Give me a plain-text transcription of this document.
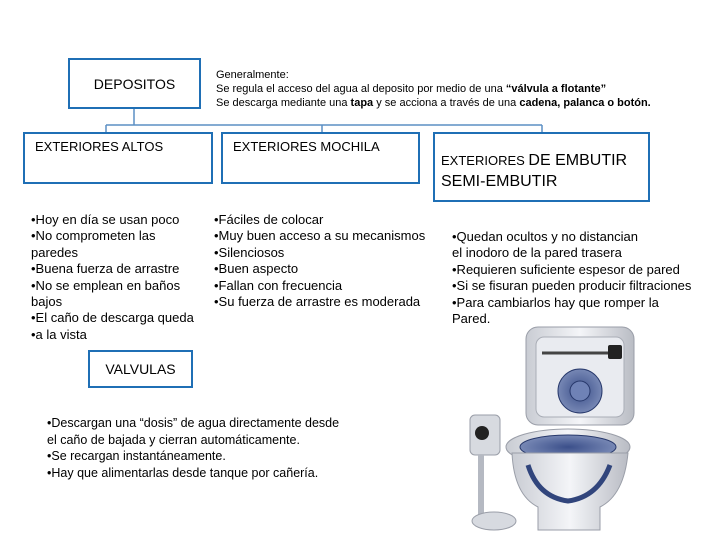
DEPOSITOS
Generalmente:
Se regula el acceso del agua al deposito por medio de una “válvula a flotante”
Se descarga mediante una tapa y se acciona a través de una cadena, palanca o botón.
EXTERIORES ALTOS	EXTERIORES MOCHILA
EXTERIORES DE EMBUTIR
SEMI-EMBUTIR
•Hoy en día se usan poco
•No comprometen las
paredes
•Buena fuerza de arrastre
•No se emplean en baños
bajos
•El caño de descarga queda
•a la vista
•Fáciles de colocar
•Muy buen acceso a su mecanismos
•Silenciosos
•Buen aspecto
•Fallan con frecuencia
•Su fuerza de arrastre es moderada
•Quedan ocultos y no distancian
el inodoro de la pared trasera
•Requieren suficiente espesor de pared
•Si se fisuran pueden producir filtraciones
•Para cambiarlos hay que romper la
Pared.
VALVULAS
•Descargan una “dosis” de agua directamente desde
el caño de bajada y cierran automáticamente.
•Se recargan instantáneamente.
•Hay que alimentarlas desde tanque por cañería.
